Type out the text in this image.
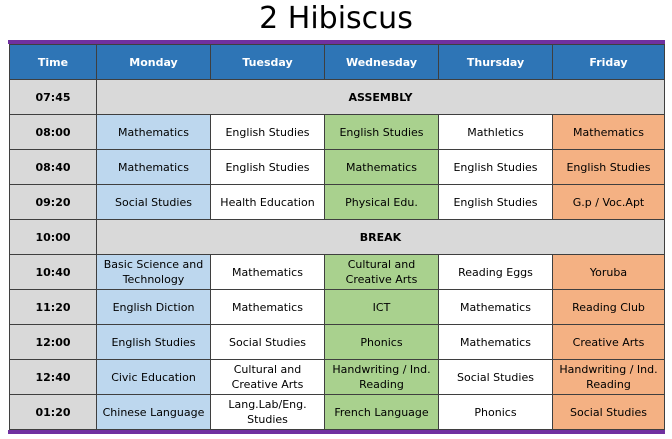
2 Hibiscus
Time	Monday	Tuesday	Wednesday	Thursday	Friday
07:45	ASSEMBLY				
08:00	Mathematics	English Studies	English Studies	Mathletics	Mathematics
08:40	Mathematics	English Studies	Mathematics	English Studies	English Studies
09:20	Social Studies	Health Education	Physical Edu.	English Studies	G.p / Voc.Apt
10:00	BREAK				
10:40	Basic Science and Technology	Mathematics	Cultural and Creative Arts	Reading Eggs	Yoruba
11:20	English Diction	Mathematics	ICT	Mathematics	Reading Club
12:00	English Studies	Social Studies	Phonics	Mathematics	Creative Arts
12:40	Civic Education	Cultural and Creative Arts	Handwriting / Ind. Reading	Social Studies	Handwriting / Ind. Reading
01:20	Chinese Language	Lang.Lab/Eng. Studies	French Language	Phonics	Social Studies
